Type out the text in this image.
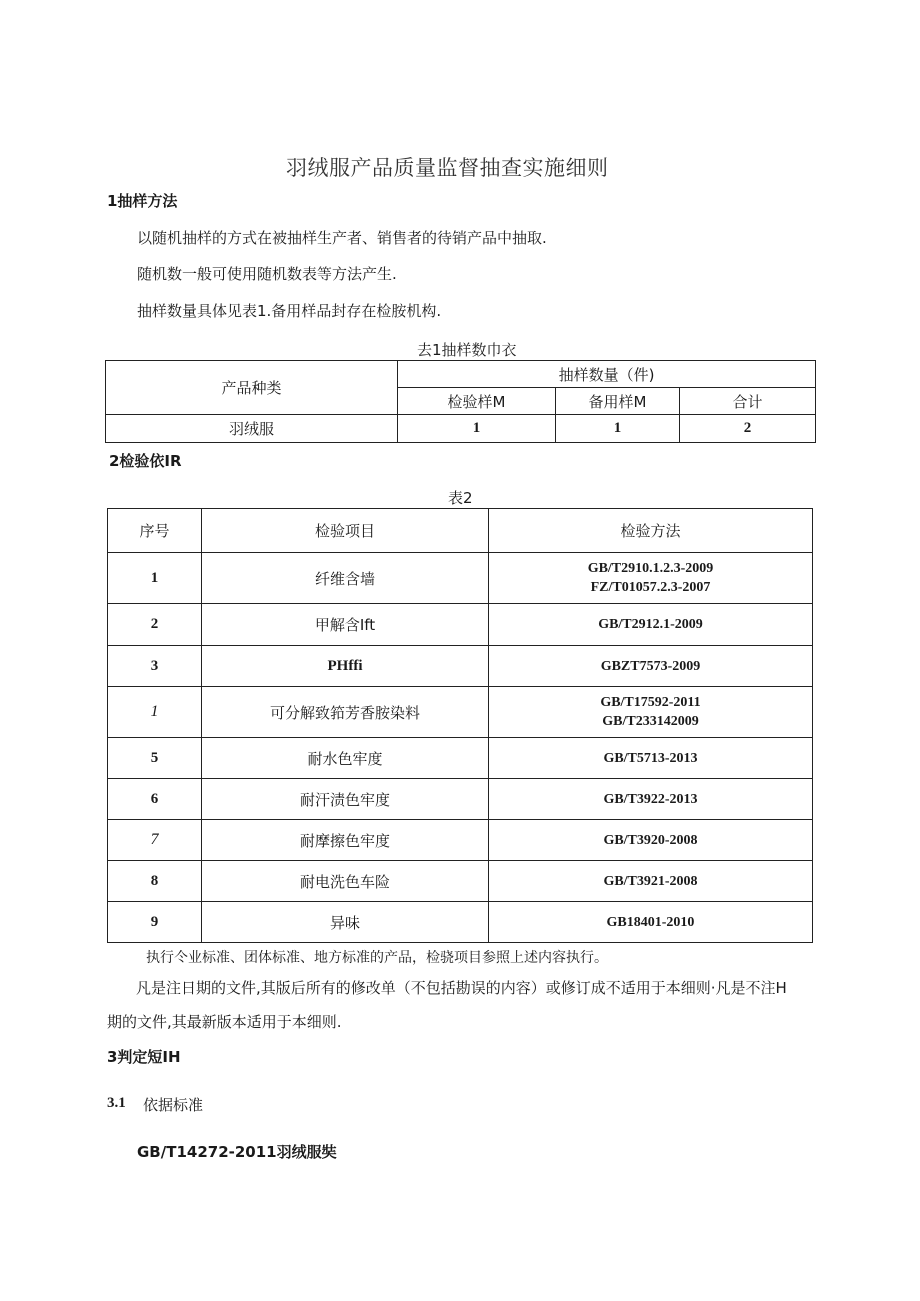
羽绒服产品质量监督抽查实施细则
1抽样方法
以随机抽样的方式在被抽样生产者、销售者的待销产品中抽取.
随机数一般可使用随机数表等方法产生.
抽样数量具体见表1.备用样品封存在检胺机构.
去1抽样数巾衣
产品种类	抽样数量（件)		
	检验样M	备用样M	合计
羽绒服	1	1	2
2检验依IR
表2
序号	检验项目	检验方法
1	纤维含墙	GB/T2910.1.2.3-2009
FZ/T01057.2.3-2007

2	甲解含Ift	GB/T2912.1-2009

3	PHffi	GBZT7573-2009

1	可分解致筘芳香胺染料	GB/T17592-2011
GB/T233142009

5	耐水色牢度	GB/T5713-2013

6	耐汗渍色牢度	GB/T3922-2013

7	耐摩擦色牢度	GB/T3920-2008

8	耐电洗色车险	GB/T3921-2008

9	异味	GB18401-2010
执行仒业标准、团体标准、地方标准的产品，检骁项目参照上述内容执行。
凡是注日期的文件,其版后所有的修改单（不包括勘误的内容）或修订成不适用于本细则·凡是不注H
期的文件,其最新版本适用于本细则.
3判定短IH
3.1 依据标准
GB/T14272-2011羽绒服奘
